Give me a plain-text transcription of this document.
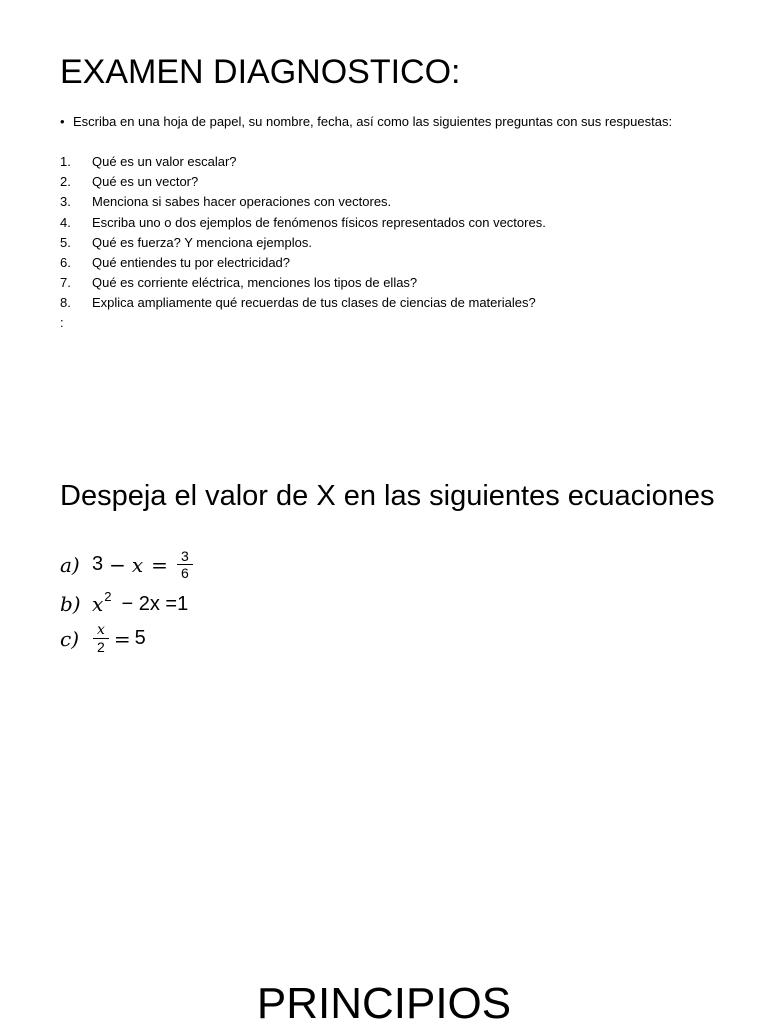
EXAMEN DIAGNOSTICO:
• Escriba en una hoja de papel, su nombre, fecha, así como las siguientes preguntas con sus respuestas:
1. Qué es un valor escalar?
2. Qué es un vector?
3. Menciona si sabes hacer operaciones con vectores.
4. Escriba uno o dos ejemplos de fenómenos físicos representados con vectores.
5. Qué es fuerza? Y menciona ejemplos.
6. Qué entiendes tu por electricidad?
7. Qué es corriente eléctrica, menciones los tipos de ellas?
8. Explica ampliamente qué recuerdas de tus clases de ciencias de materiales?
:
Despeja el valor de X en las siguientes ecuaciones
a) $3 - x = \frac{3}{6}$
b) x 2 − 2x =1
c)	$\frac{x}{2} = 5$
PRINCIPIOS
